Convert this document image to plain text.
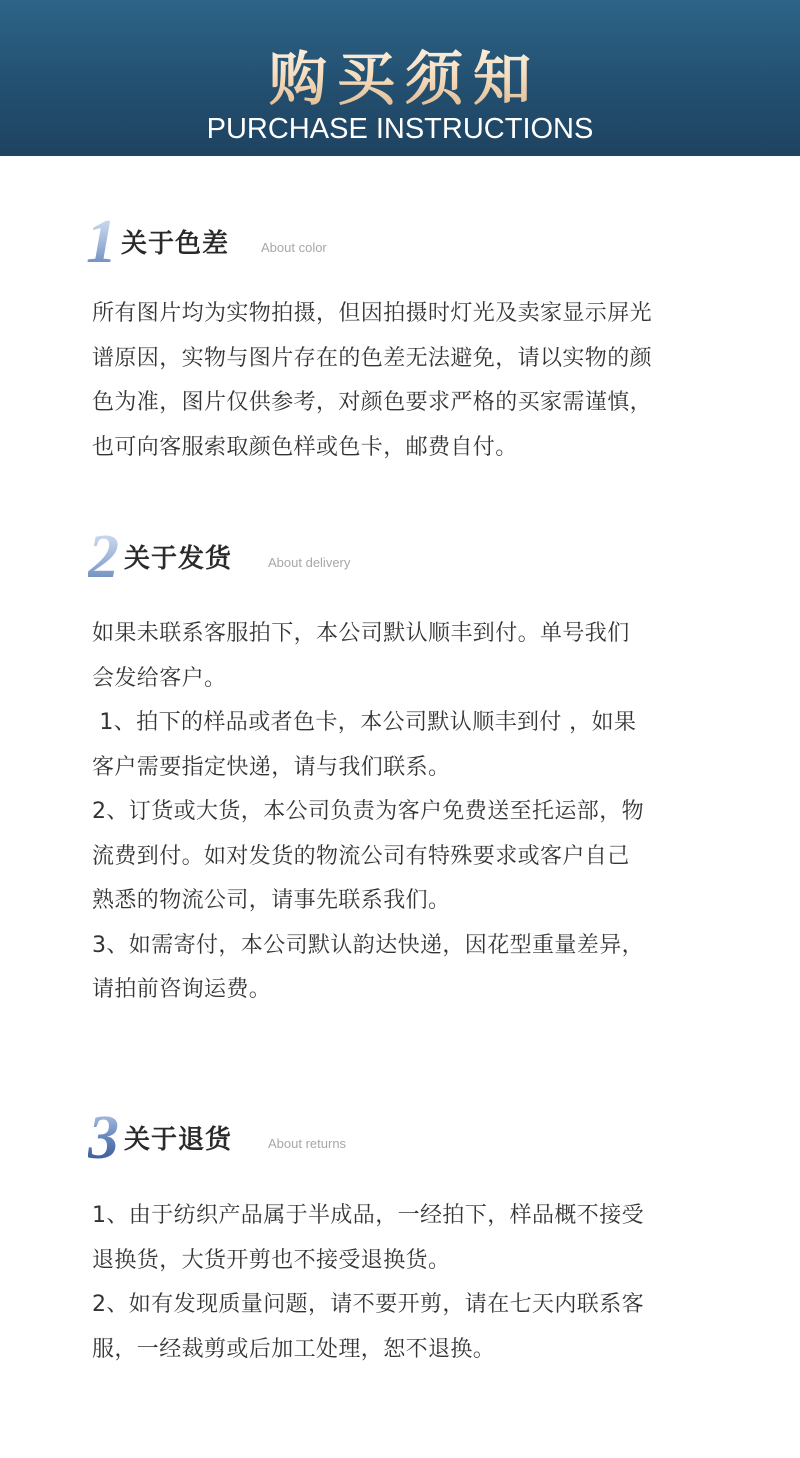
购买须知
PURCHASE INSTRUCTIONS
1 关于色差 About color
所有图片均为实物拍摄，但因拍摄时灯光及卖家显示屏光
谱原因，实物与图片存在的色差无法避免，请以实物的颜
色为准，图片仅供参考，对颜色要求严格的买家需谨慎，
也可向客服索取颜色样或色卡，邮费自付。
2 关于发货	About delivery
如果未联系客服拍下，本公司默认顺丰到付。单号我们
会发给客户。
1、拍下的样品或者色卡，本公司默认顺丰到付 ，如果
客户需要指定快递，请与我们联系。
2、订货或大货，本公司负责为客户免费送至托运部，物
流费到付。如对发货的物流公司有特殊要求或客户自己
熟悉的物流公司，请事先联系我们。
3、如需寄付，本公司默认韵达快递，因花型重量差异，
请拍前咨询运费。
3 关于退货	About returns
1、由于纺织产品属于半成品，一经拍下，样品概不接受
退换货，大货开剪也不接受退换货。
2、如有发现质量问题，请不要开剪，请在七天内联系客
服，一经裁剪或后加工处理，恕不退换。
